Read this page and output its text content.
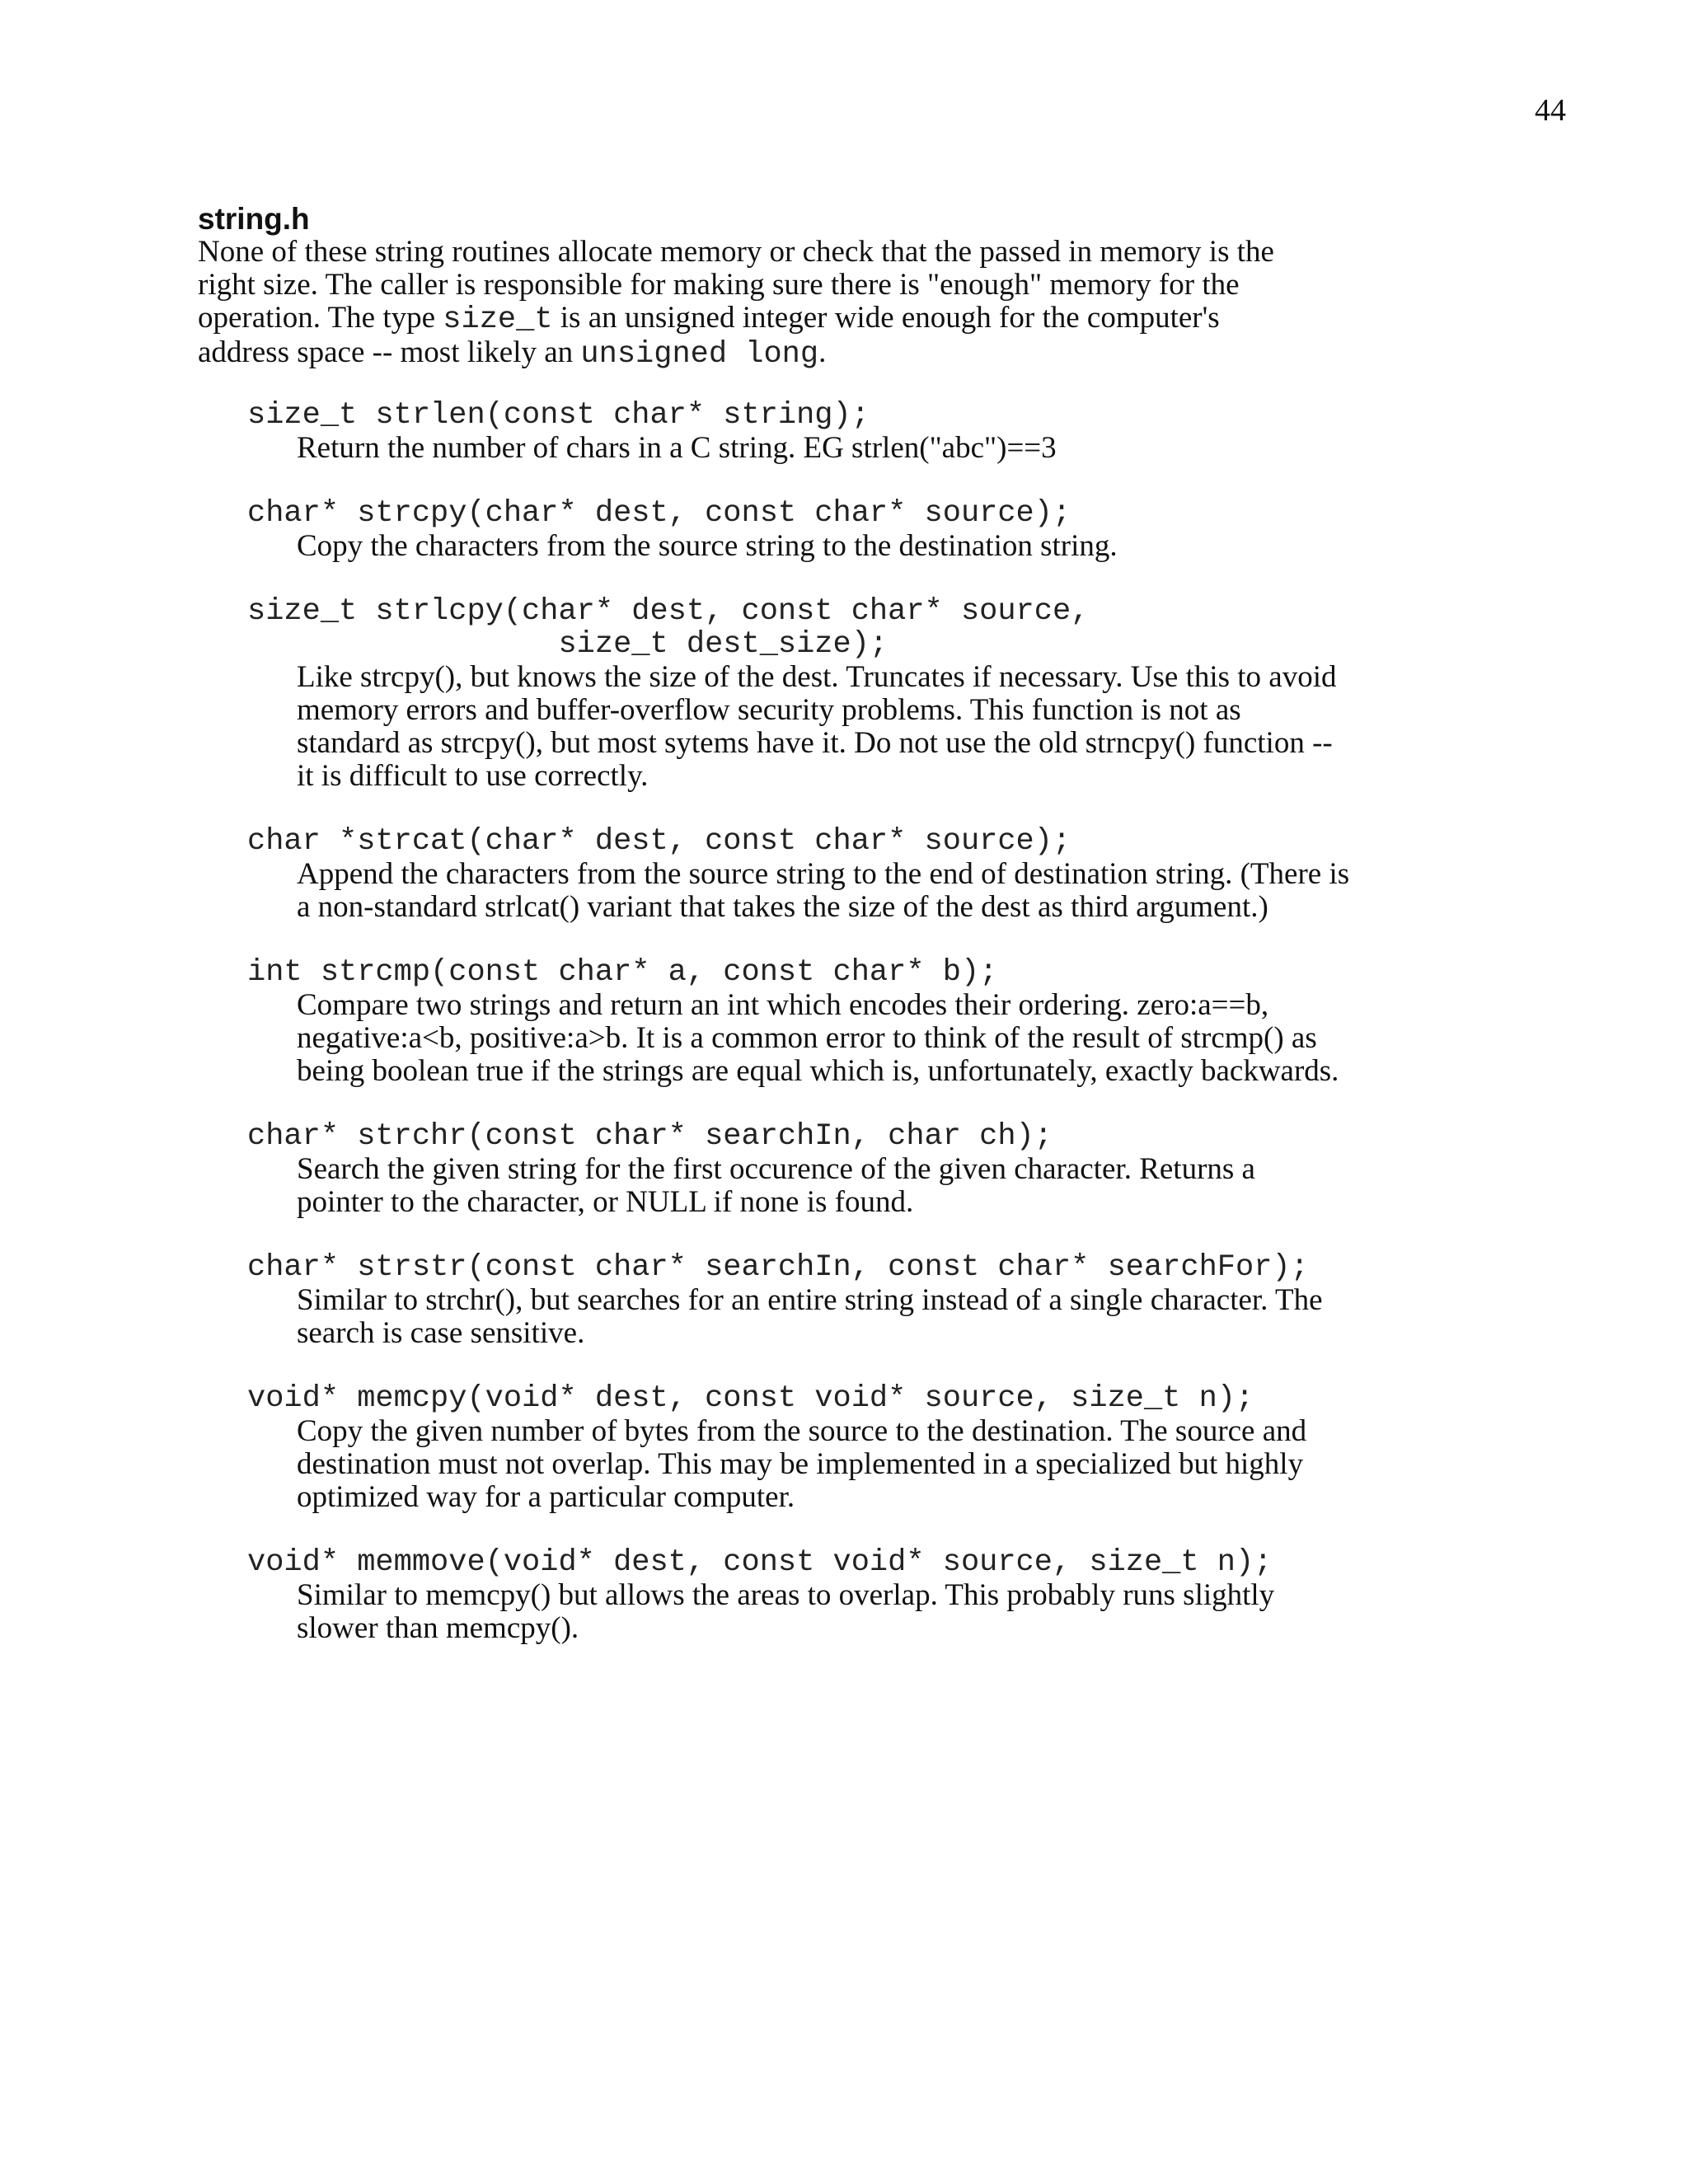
44
string.h

None of these string routines allocate memory or check that the passed in memory is the
right size. The caller is responsible for making sure there is "enough" memory for the
operation. The type size_t is an unsigned integer wide enough for the computer's
address space -- most likely an unsigned long.

size_t strlen(const char* string);

Return the number of chars in a C string. EG strlen("abc")==3

char* strcpy(char* dest, const char* source);

Copy the characters from the source string to the destination string.

size_t strlcpy(char* dest, const char* source,
size_t dest_size);

Like strcpy(), but knows the size of the dest. Truncates if necessary. Use this to avoid
memory errors and buffer-overflow security problems. This function is not as
standard as strcpy(), but most sytems have it. Do not use the old strncpy() function --
it is difficult to use correctly.

char *strcat(char* dest, const char* source);

Append the characters from the source string to the end of destination string. (There is
a non-standard strlcat() variant that takes the size of the dest as third argument.)

int strcmp(const char* a, const char* b);

Compare two strings and return an int which encodes their ordering. zero:a==b,
negative:a<b, positive:a>b. It is a common error to think of the result of strcmp() as
being boolean true if the strings are equal which is, unfortunately, exactly backwards.

char* strchr(const char* searchIn, char ch);

Search the given string for the first occurence of the given character. Returns a
pointer to the character, or NULL if none is found.

char* strstr(const char* searchIn, const char* searchFor);

Similar to strchr(), but searches for an entire string instead of a single character. The
search is case sensitive.

void* memcpy(void* dest, const void* source, size_t n);

Copy the given number of bytes from the source to the destination. The source and
destination must not overlap. This may be implemented in a specialized but highly
optimized way for a particular computer.

void* memmove(void* dest, const void* source, size_t n);

Similar to memcpy() but allows the areas to overlap. This probably runs slightly
slower than memcpy().
